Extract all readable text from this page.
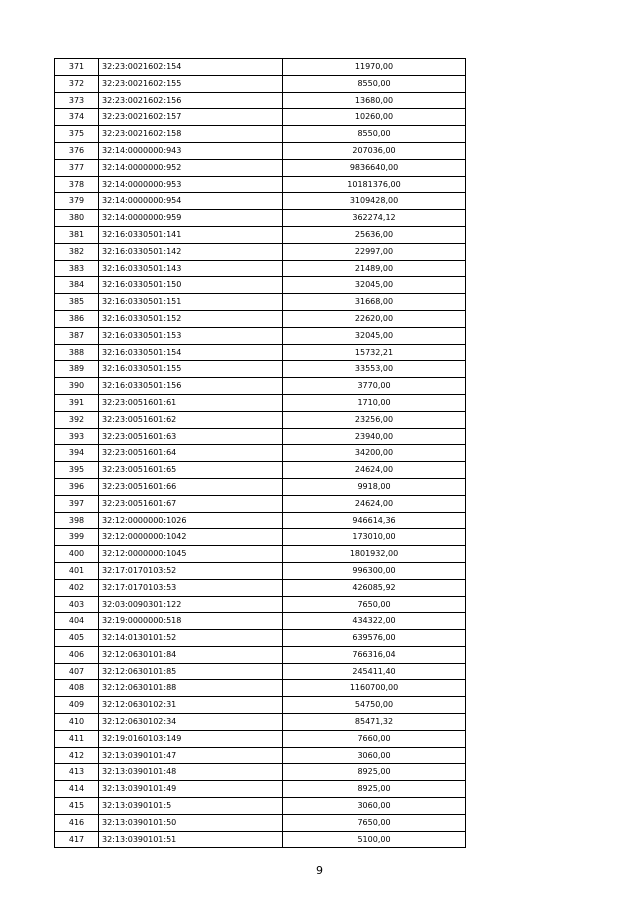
371	32:23:0021602:154	11970,00
372	32:23:0021602:155	8550,00
373	32:23:0021602:156	13680,00
374	32:23:0021602:157	10260,00
375	32:23:0021602:158	8550,00
376	32:14:0000000:943	207036,00
377	32:14:0000000:952	9836640,00
378	32:14:0000000:953	10181376,00
379	32:14:0000000:954	3109428,00
380	32:14:0000000:959	362274,12
381	32:16:0330501:141	25636,00
382	32:16:0330501:142	22997,00
383	32:16:0330501:143	21489,00
384	32:16:0330501:150	32045,00
385	32:16:0330501:151	31668,00
386	32:16:0330501:152	22620,00
387	32:16:0330501:153	32045,00
388	32:16:0330501:154	15732,21
389	32:16:0330501:155	33553,00
390	32:16:0330501:156	3770,00
391	32:23:0051601:61	1710,00
392	32:23:0051601:62	23256,00
393	32:23:0051601:63	23940,00
394	32:23:0051601:64	34200,00
395	32:23:0051601:65	24624,00
396	32:23:0051601:66	9918,00
397	32:23:0051601:67	24624,00
398	32:12:0000000:1026	946614,36
399	32:12:0000000:1042	173010,00
400	32:12:0000000:1045	1801932,00
401	32:17:0170103:52	996300,00
402	32:17:0170103:53	426085,92
403	32:03:0090301:122	7650,00
404	32:19:0000000:518	434322,00
405	32:14:0130101:52	639576,00
406	32:12:0630101:84	766316,04
407	32:12:0630101:85	245411,40
408	32:12:0630101:88	1160700,00
409	32:12:0630102:31	54750,00
410	32:12:0630102:34	85471,32
411	32:19:0160103:149	7660,00
412	32:13:0390101:47	3060,00
413	32:13:0390101:48	8925,00
414	32:13:0390101:49	8925,00
415	32:13:0390101:5	3060,00
416	32:13:0390101:50	7650,00
417	32:13:0390101:51	5100,00
9
